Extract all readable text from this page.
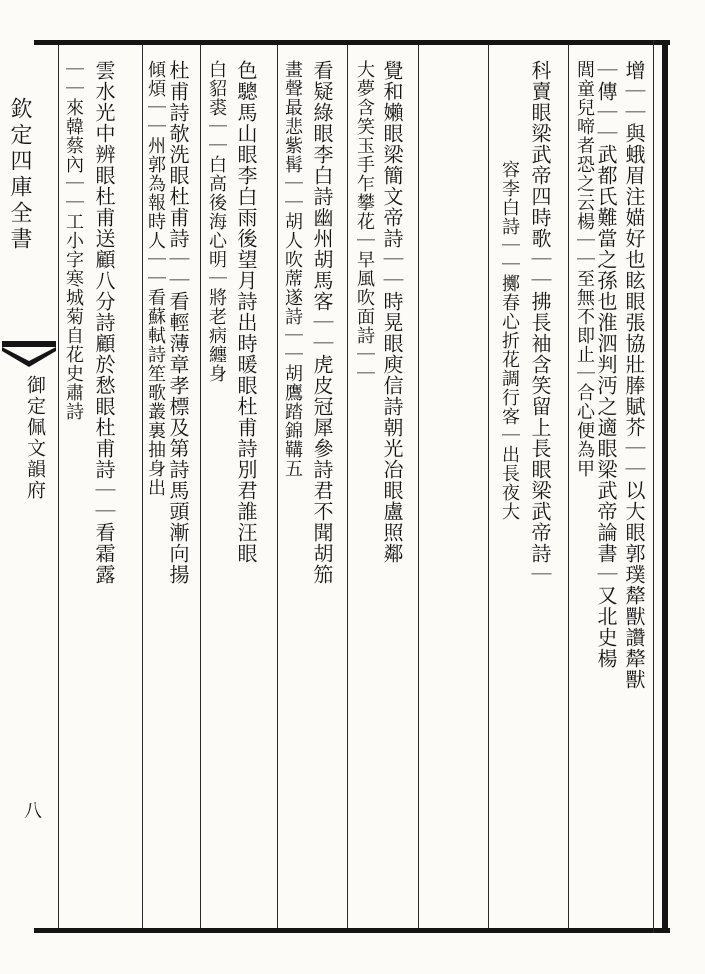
欽定四庫全書
御定佩文韻府
八
增｜｜與蛾眉注媌好也眩眼張協壯䏾賦芥｜｜以大眼郭璞犛獸讚犛獸
｜傳｜｜武都氏難當之孫也淮泗判沔之適眼梁武帝論書｜又北史楊
閭童兒啼者恐之云楊｜｜至無不即止｜合心便為甲
科賣眼梁武帝四時歌｜｜拂長袖含笑留上長眼梁武帝詩｜
容李白詩｜｜擲春心折花調行客｜出長夜大
覺和嬾眼梁簡文帝詩｜｜時晃眼庾信詩朝光冶眼盧照鄰
大夢含笑玉手乍攀花｜早風吹面詩｜｜
看疑綠眼李白詩幽州胡馬客｜｜虎皮冠犀參詩君不聞胡笳
畫聲最悲紫髯｜｜胡人吹蓆遂詩｜｜胡鷹踏錦鞲五
色驄馬山眼李白雨後望月詩出時暖眼杜甫詩別君誰汪眼
白貂裘｜｜白高後海心明｜將老病纏身
杜甫詩欹洗眼杜甫詩｜｜看輕薄章孝標及第詩馬頭漸向揚
傾煩｜｜州郭為報時人｜｜看蘇軾詩笙歌叢裏抽身出
雲水光中辨眼杜甫送顧八分詩顧於愁眼杜甫詩｜｜看霜露
｜｜來韓蔡內｜｜工小字寒城菊自花史肅詩
